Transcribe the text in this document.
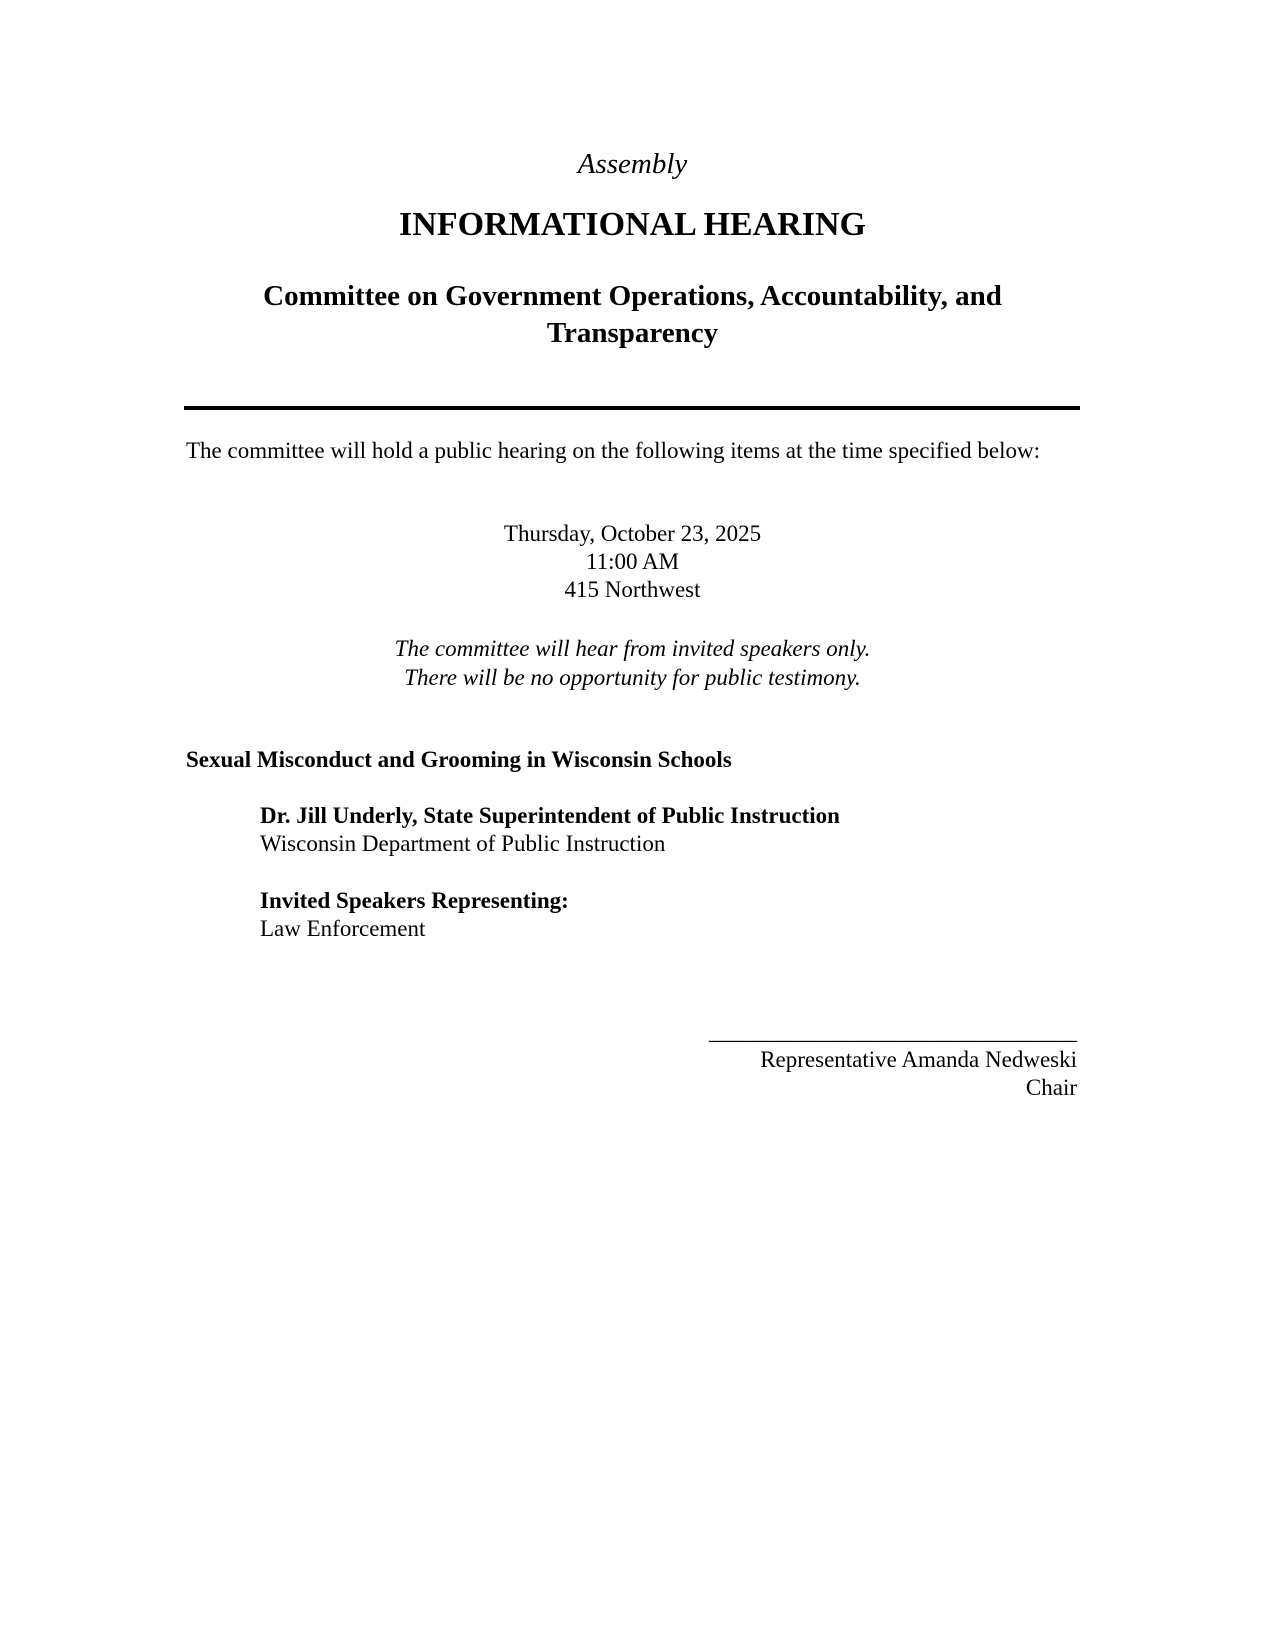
Assembly
INFORMATIONAL HEARING
Committee on Government Operations, Accountability, and Transparency
The committee will hold a public hearing on the following items at the time specified below:
Thursday, October 23, 2025
11:00 AM
415 Northwest
The committee will hear from invited speakers only.
There will be no opportunity for public testimony.
Sexual Misconduct and Grooming in Wisconsin Schools
Dr. Jill Underly, State Superintendent of Public Instruction
Wisconsin Department of Public Instruction
Invited Speakers Representing:
Law Enforcement
________________________________
Representative Amanda Nedweski
Chair
